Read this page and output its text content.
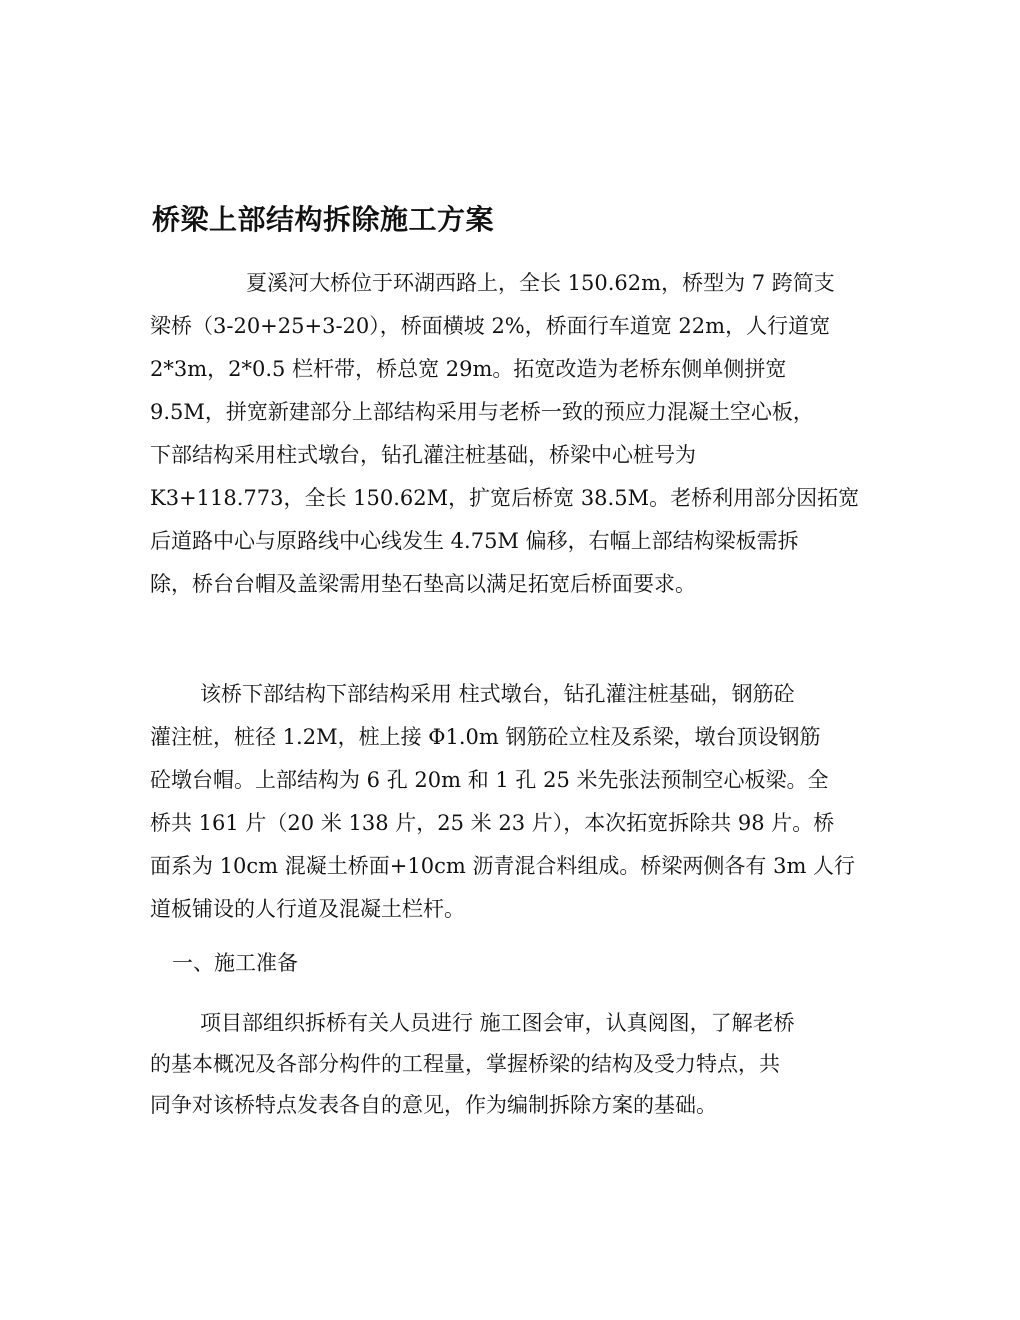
桥梁上部结构拆除施工方案
夏溪河大桥位于环湖西路上，全长 150.62m，桥型为 7 跨简支
梁桥（3-20+25+3-20），桥面横坡 2%，桥面行车道宽 22m，人行道宽
2*3m，2*0.5 栏杆带，桥总宽 29m。拓宽改造为老桥东侧单侧拼宽
9.5M，拼宽新建部分上部结构采用与老桥一致的预应力混凝土空心板，
下部结构采用柱式墩台，钻孔灌注桩基础，桥梁中心桩号为
K3+118.773，全长 150.62M，扩宽后桥宽 38.5M。老桥利用部分因拓宽
后道路中心与原路线中心线发生 4.75M 偏移，右幅上部结构梁板需拆
除，桥台台帽及盖梁需用垫石垫高以满足拓宽后桥面要求。
该桥下部结构下部结构采用 柱式墩台，钻孔灌注桩基础，钢筋砼
灌注桩，桩径 1.2M，桩上接 Φ1.0m 钢筋砼立柱及系梁，墩台顶设钢筋
砼墩台帽。上部结构为 6 孔 20m 和 1 孔 25 米先张法预制空心板梁。全
桥共 161 片（20 米 138 片，25 米 23 片），本次拓宽拆除共 98 片。桥
面系为 10cm 混凝土桥面+10cm 沥青混合料组成。桥梁两侧各有 3m 人行
道板铺设的人行道及混凝土栏杆。
一、施工准备
项目部组织拆桥有关人员进行 施工图会审，认真阅图，了解老桥
的基本概况及各部分构件的工程量，掌握桥梁的结构及受力特点，共
同争对该桥特点发表各自的意见，作为编制拆除方案的基础。
